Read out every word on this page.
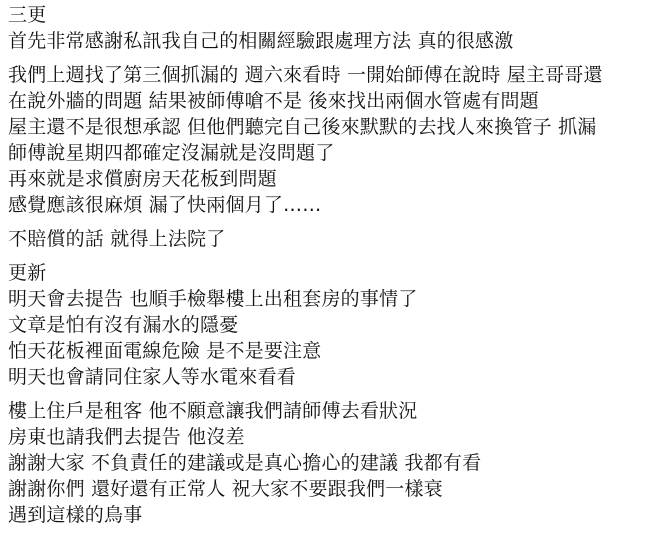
三更
首先非常感謝私訊我自己的相關經驗跟處理方法 真的很感激
我們上週找了第三個抓漏的 週六來看時 一開始師傅在說時 屋主哥哥還
在說外牆的問題 結果被師傅嗆不是 後來找出兩個水管處有問題
屋主還不是很想承認 但他們聽完自己後來默默的去找人來換管子 抓漏
師傅說星期四都確定沒漏就是沒問題了
再來就是求償廚房天花板到問題
感覺應該很麻煩 漏了快兩個月了……
不賠償的話 就得上法院了
更新
明天會去提告 也順手檢舉樓上出租套房的事情了
文章是怕有沒有漏水的隱憂
怕天花板裡面電線危險 是不是要注意
明天也會請同住家人等水電來看看
樓上住戶是租客 他不願意讓我們請師傅去看狀況
房東也請我們去提告 他沒差
謝謝大家 不負責任的建議或是真心擔心的建議 我都有看
謝謝你們 還好還有正常人 祝大家不要跟我們一樣衰
遇到這樣的鳥事
